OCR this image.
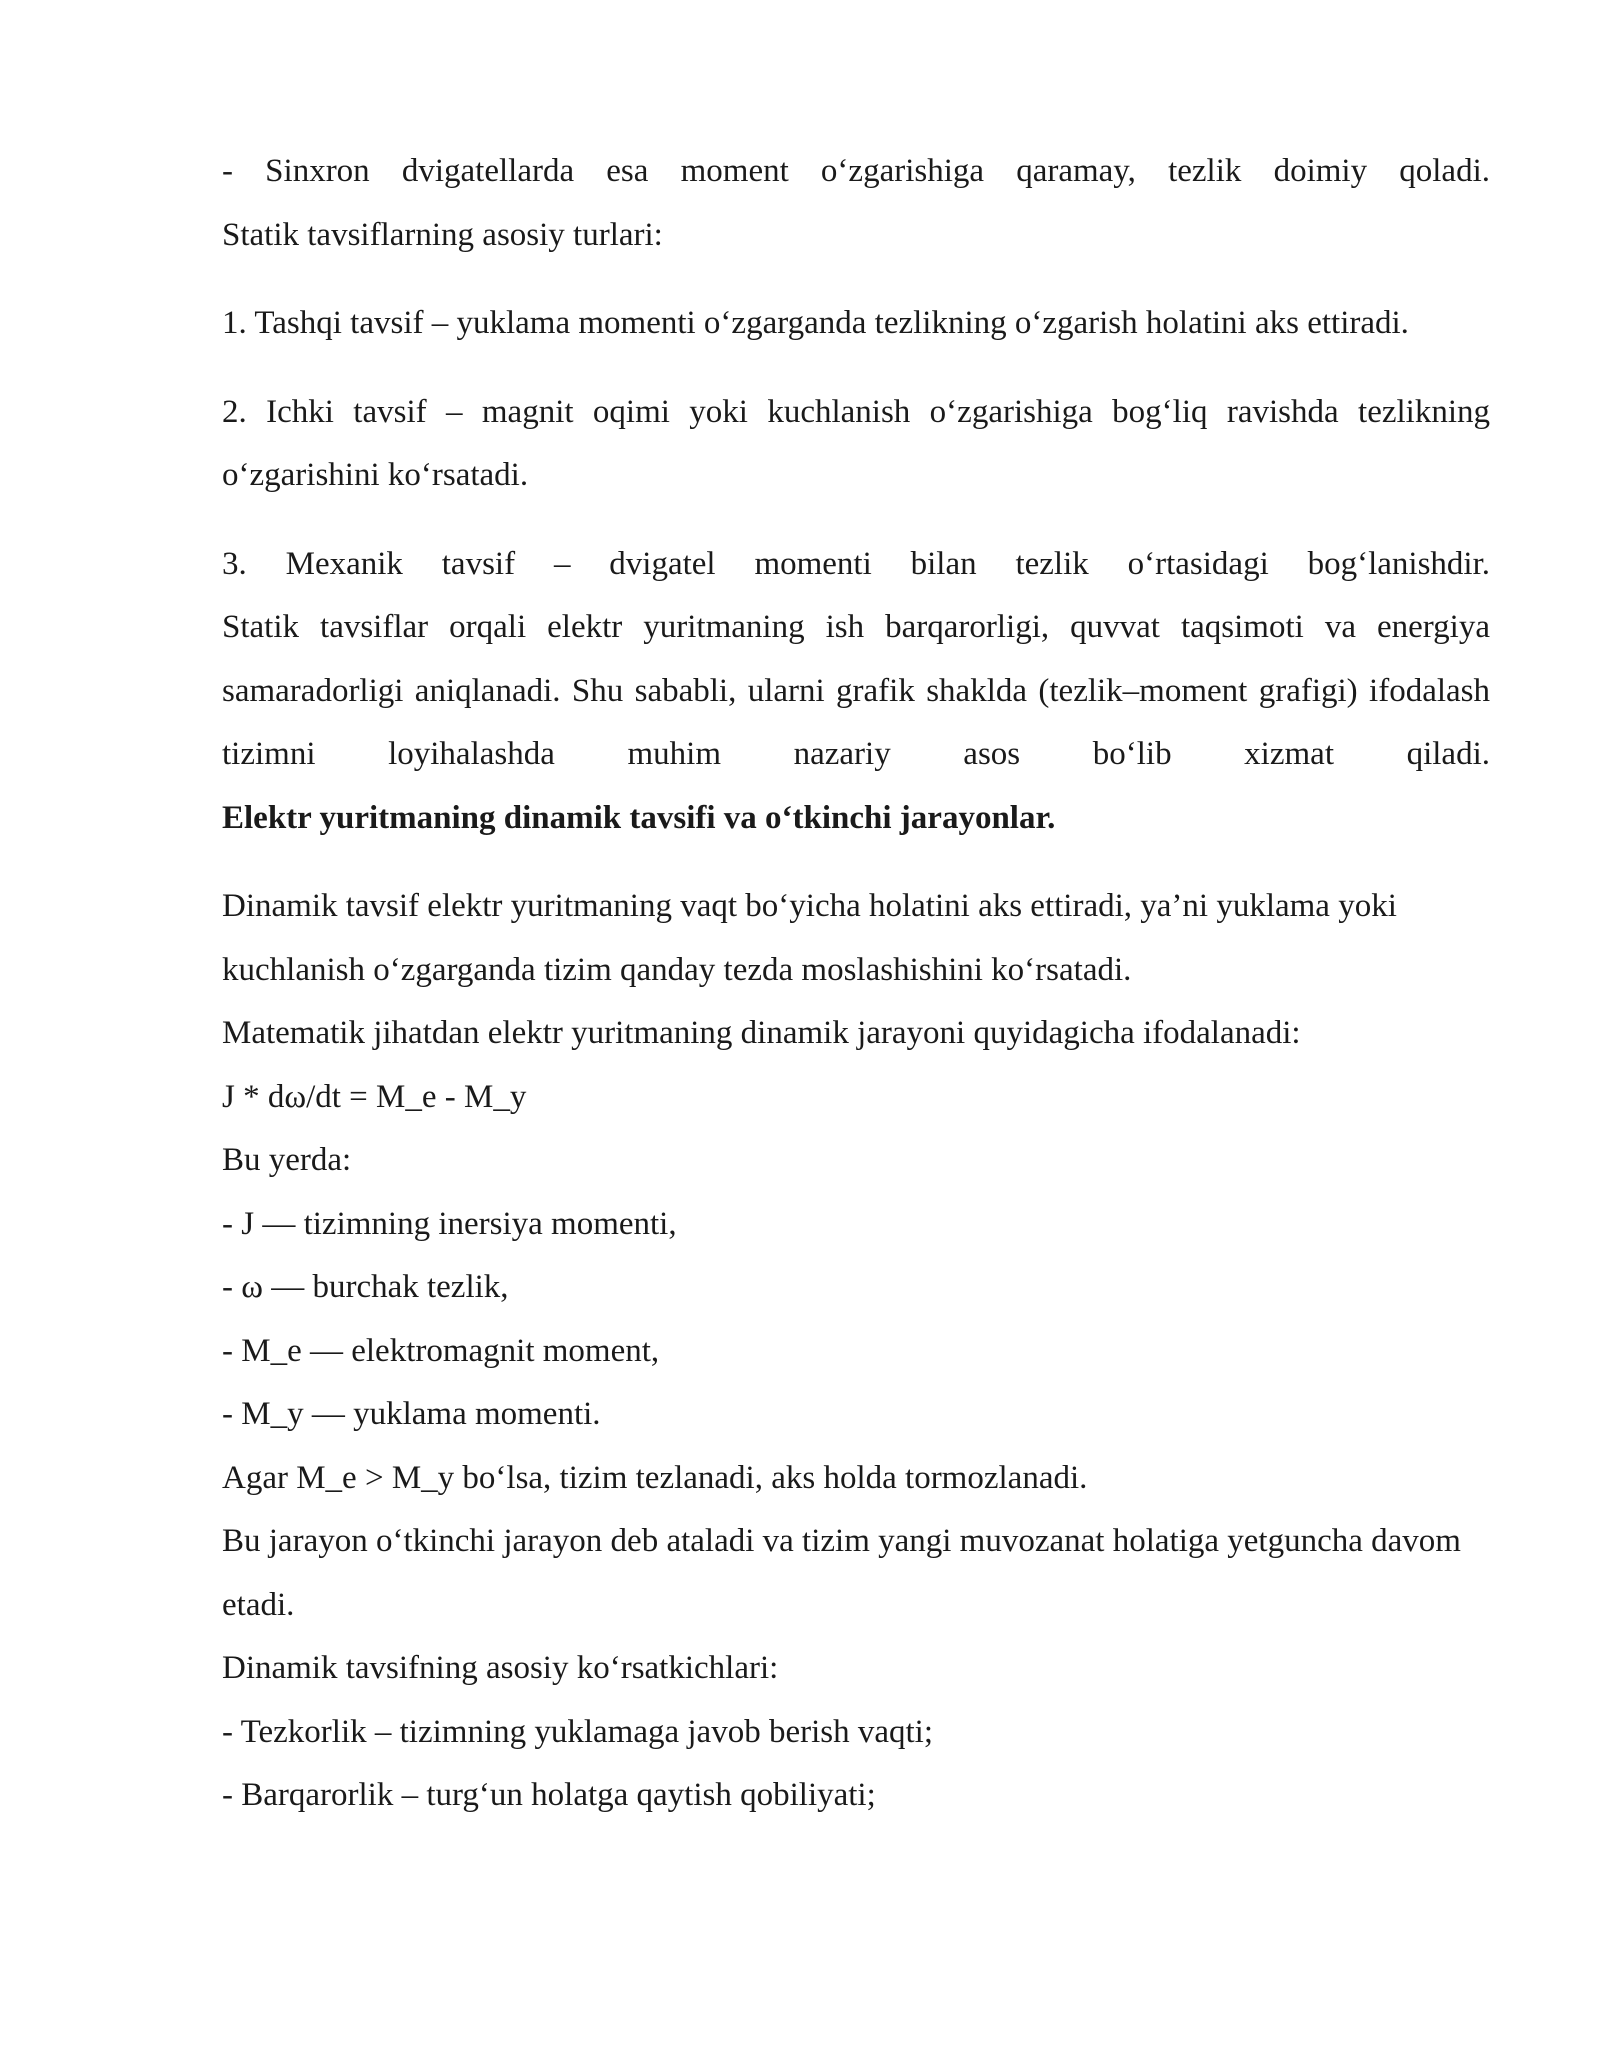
- Sinxron dvigatellarda esa moment o‘zgarishiga qaramay, tezlik doimiy qoladi.
Statik tavsiflarning asosiy turlari:

1. Tashqi tavsif – yuklama momenti o‘zgarganda tezlikning o‘zgarish holatini aks ettiradi.

2. Ichki tavsif – magnit oqimi yoki kuchlanish o‘zgarishiga bog‘liq ravishda tezlikning o‘zgarishini ko‘rsatadi.

3. Mexanik tavsif – dvigatel momenti bilan tezlik o‘rtasidagi bog‘lanishdir.
Statik tavsiflar orqali elektr yuritmaning ish barqarorligi, quvvat taqsimoti va energiya samaradorligi aniqlanadi. Shu sababli, ularni grafik shaklda (tezlik–moment grafigi) ifodalash tizimni loyihalashda muhim nazariy asos bo‘lib xizmat qiladi.
Elektr yuritmaning dinamik tavsifi va o‘tkinchi jarayonlar.

Dinamik tavsif elektr yuritmaning vaqt bo‘yicha holatini aks ettiradi, ya’ni yuklama yoki kuchlanish o‘zgarganda tizim qanday tezda moslashishini ko‘rsatadi.

Matematik jihatdan elektr yuritmaning dinamik jarayoni quyidagicha ifodalanadi:

J * dω/dt = M_e - M_y

Bu yerda:

- J — tizimning inersiya momenti,

- ω — burchak tezlik,

- M_e — elektromagnit moment,

- M_y — yuklama momenti.

Agar M_e > M_y bo‘lsa, tizim tezlanadi, aks holda tormozlanadi.

Bu jarayon o‘tkinchi jarayon deb ataladi va tizim yangi muvozanat holatiga yetguncha davom etadi.

Dinamik tavsifning asosiy ko‘rsatkichlari:

- Tezkorlik – tizimning yuklamaga javob berish vaqti;

- Barqarorlik – turg‘un holatga qaytish qobiliyati;
